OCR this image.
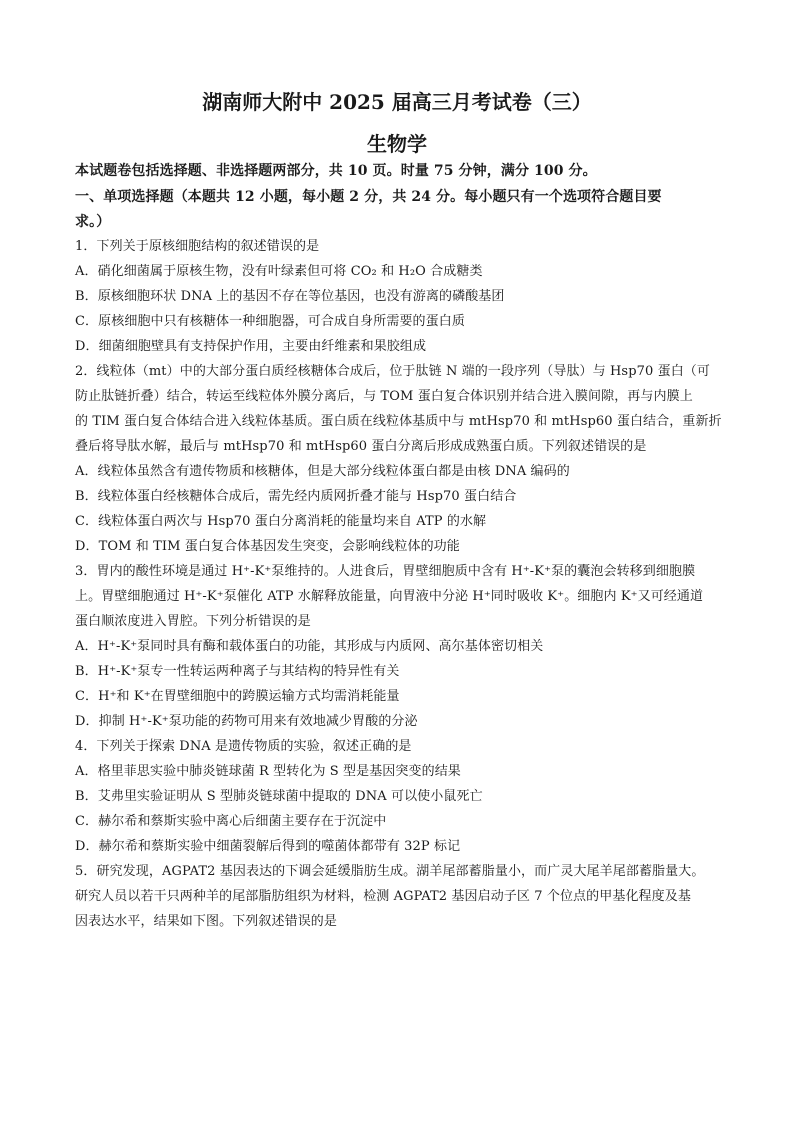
湖南师大附中 2025 届高三月考试卷（三）
生物学
本试题卷包括选择题、非选择题两部分，共 10 页。时量 75 分钟，满分 100 分。
一、单项选择题（本题共 12 小题，每小题 2 分，共 24 分。每小题只有一个选项符合题目要
求。）
1．下列关于原核细胞结构的叙述错误的是
A．硝化细菌属于原核生物，没有叶绿素但可将 CO₂ 和 H₂O 合成糖类
B．原核细胞环状 DNA 上的基因不存在等位基因，也没有游离的磷酸基团
C．原核细胞中只有核糖体一种细胞器，可合成自身所需要的蛋白质
D．细菌细胞壁具有支持保护作用，主要由纤维素和果胶组成
2．线粒体（mt）中的大部分蛋白质经核糖体合成后，位于肽链 N 端的一段序列（导肽）与 Hsp70 蛋白（可
防止肽链折叠）结合，转运至线粒体外膜分离后，与 TOM 蛋白复合体识别并结合进入膜间隙，再与内膜上
的 TIM 蛋白复合体结合进入线粒体基质。蛋白质在线粒体基质中与 mtHsp70 和 mtHsp60 蛋白结合，重新折
叠后将导肽水解，最后与 mtHsp70 和 mtHsp60 蛋白分离后形成成熟蛋白质。下列叙述错误的是
A．线粒体虽然含有遗传物质和核糖体，但是大部分线粒体蛋白都是由核 DNA 编码的
B．线粒体蛋白经核糖体合成后，需先经内质网折叠才能与 Hsp70 蛋白结合
C．线粒体蛋白两次与 Hsp70 蛋白分离消耗的能量均来自 ATP 的水解
D．TOM 和 TIM 蛋白复合体基因发生突变，会影响线粒体的功能
3．胃内的酸性环境是通过 H⁺-K⁺泵维持的。人进食后，胃壁细胞质中含有 H⁺-K⁺泵的囊泡会转移到细胞膜
上。胃壁细胞通过 H⁺-K⁺泵催化 ATP 水解释放能量，向胃液中分泌 H⁺同时吸收 K⁺。细胞内 K⁺又可经通道
蛋白顺浓度进入胃腔。下列分析错误的是
A．H⁺-K⁺泵同时具有酶和载体蛋白的功能，其形成与内质网、高尔基体密切相关
B．H⁺-K⁺泵专一性转运两种离子与其结构的特异性有关
C．H⁺和 K⁺在胃壁细胞中的跨膜运输方式均需消耗能量
D．抑制 H⁺-K⁺泵功能的药物可用来有效地减少胃酸的分泌
4．下列关于探索 DNA 是遗传物质的实验，叙述正确的是
A．格里菲思实验中肺炎链球菌 R 型转化为 S 型是基因突变的结果
B．艾弗里实验证明从 S 型肺炎链球菌中提取的 DNA 可以使小鼠死亡
C．赫尔希和蔡斯实验中离心后细菌主要存在于沉淀中
D．赫尔希和蔡斯实验中细菌裂解后得到的噬菌体都带有 32P 标记
5．研究发现，AGPAT2 基因表达的下调会延缓脂肪生成。湖羊尾部蓄脂量小，而广灵大尾羊尾部蓄脂量大。
研究人员以若干只两种羊的尾部脂肪组织为材料，检测 AGPAT2 基因启动子区 7 个位点的甲基化程度及基
因表达水平，结果如下图。下列叙述错误的是
